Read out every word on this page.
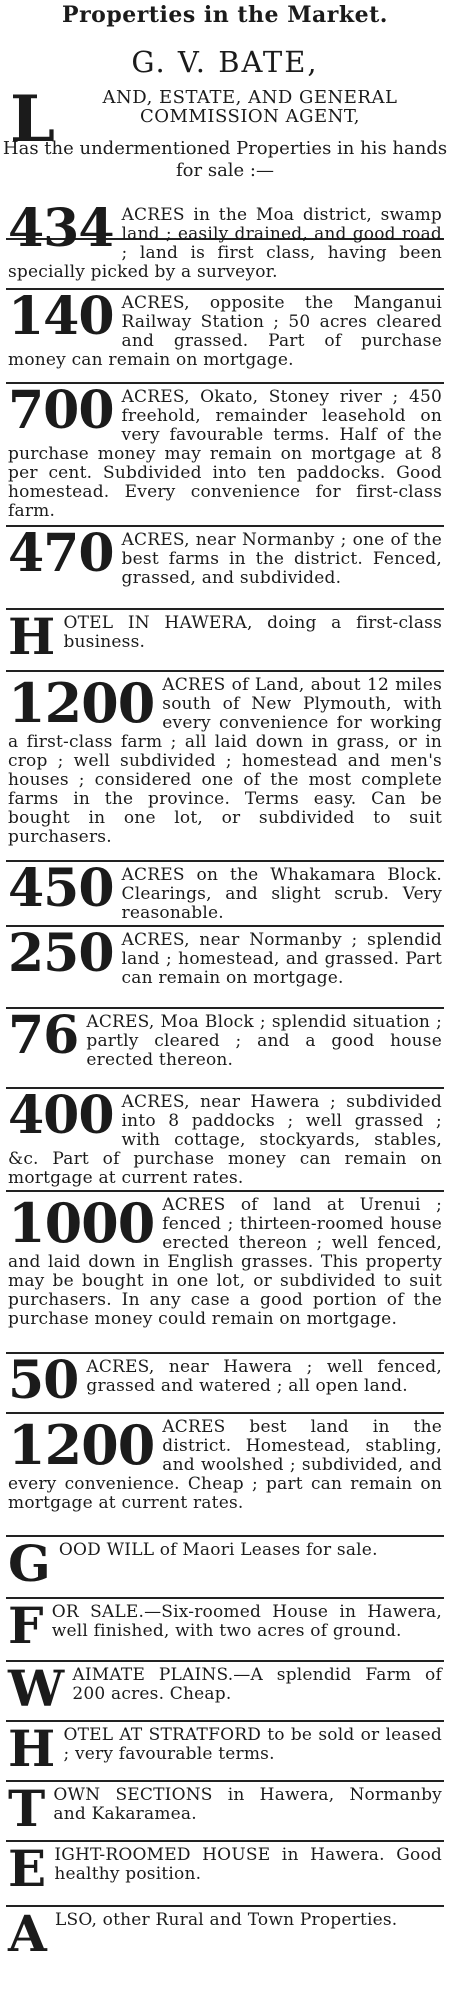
Properties in the Market.
G. V. BATE,
L	AND, ESTATE, AND GENERAL COMMISSION AGENT,
Has the undermentioned Properties in his hands for sale :—

434 ACRES in the Moa district, swamp land ; easily drained, and good road ; land is first class, having been specially picked by a surveyor.

140 ACRES, opposite the Manganui Railway Station ; 50 acres cleared and grassed. Part of purchase money can remain on mortgage.

700 ACRES, Okato, Stoney river ; 450 freehold, remainder leasehold on very favourable terms. Half of the purchase money may remain on mortgage at 8 per cent. Subdivided into ten paddocks. Good homestead. Every convenience for first-class farm.

470 ACRES, near Normanby ; one of the best farms in the district. Fenced, grassed, and subdivided.

HOTEL IN HAWERA, doing a first-class business.

1200 ACRES of Land, about 12 miles south of New Plymouth, with every convenience for working a first-class farm ; all laid down in grass, or in crop ; well subdivided ; homestead and men's houses ; considered one of the most complete farms in the province. Terms easy. Can be bought in one lot, or subdivided to suit purchasers.

450 ACRES on the Whakamara Block. Clearings, and slight scrub. Very reasonable.

250 ACRES, near Normanby ; splendid land ; homestead, and grassed. Part can remain on mortgage.

76 ACRES, Moa Block ; splendid situation ; partly cleared ; and a good house erected thereon.

400 ACRES, near Hawera ; subdivided into 8 paddocks ; well grassed ; with cottage, stockyards, stables, &c. Part of purchase money can remain on mortgage at current rates.

1000 ACRES of land at Urenui ; fenced ; thirteen-roomed house erected thereon ; well fenced, and laid down in English grasses. This property may be bought in one lot, or subdivided to suit purchasers. In any case a good portion of the purchase money could remain on mortgage.

50 ACRES, near Hawera ; well fenced, grassed and watered ; all open land.

1200 ACRES best land in the district. Homestead, stabling, and woolshed ; subdivided, and every convenience. Cheap ; part can remain on mortgage at current rates.

GOOD WILL of Maori Leases for sale.

FOR SALE.—Six-roomed House in Hawera, well finished, with two acres of ground.

WAIMATE PLAINS.—A splendid Farm of 200 acres. Cheap.

HOTEL AT STRATFORD to be sold or leased ; very favourable terms.

TOWN SECTIONS in Hawera, Normanby and Kakaramea.

EIGHT-ROOMED HOUSE in Hawera. Good healthy position.

ALSO, other Rural and Town Properties.
